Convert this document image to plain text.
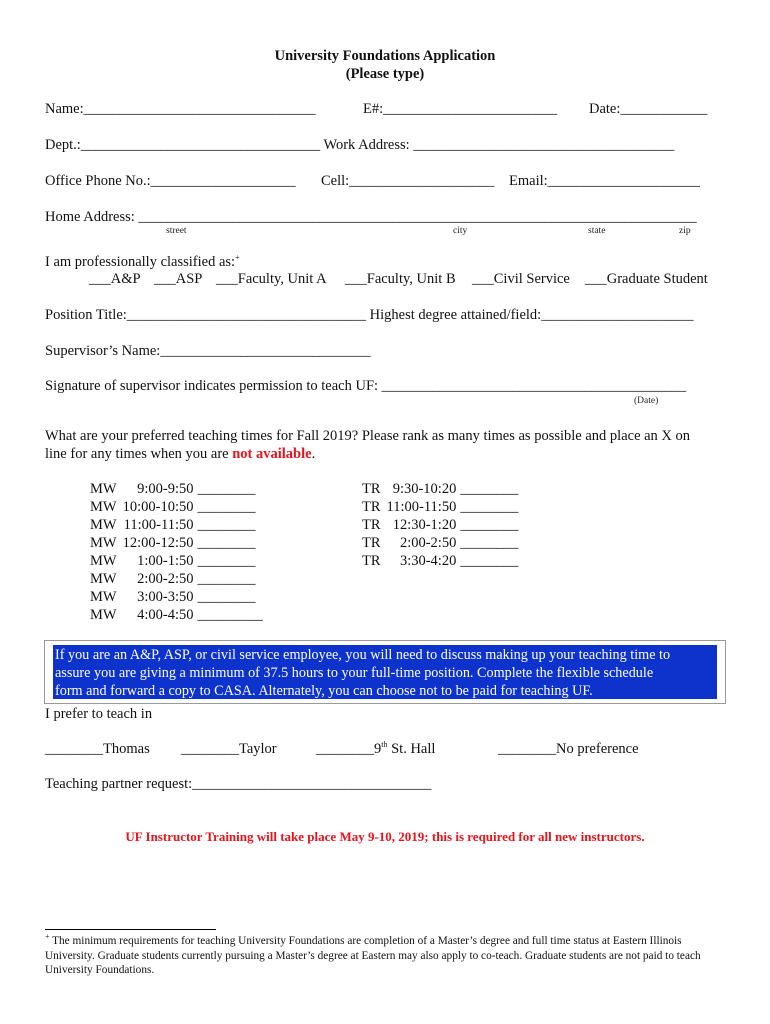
University Foundations Application
(Please type)
Name:________________________________	E#:________________________ Date:____________
Dept.:_________________________________ Work Address: ____________________________________
Office Phone No.:____________________ Cell:____________________ Email:_____________________
Home Address: _____________________________________________________________________________
street	city	state	zip
I am professionally classified as:+
___A&P ___ASP ___Faculty, Unit A ___Faculty, Unit B ___Civil Service ___Graduate Student
Position Title:_________________________________ Highest degree attained/field:_____________________
Supervisor’s Name:_____________________________
Signature of supervisor indicates permission to teach UF: __________________________________________
(Date)
What are your preferred teaching times for Fall 2019? Please rank as many times as possible and place an X on
line for any times when you are not available.
MW	9:00-9:50	________
MW	10:00-10:50	________
MW	11:00-11:50	________
MW	12:00-12:50	________
MW	1:00-1:50	________
MW	2:00-2:50	________
MW	3:00-3:50	________
MW	4:00-4:50	_________
TR	9:30-10:20	________
TR	11:00-11:50	________
TR	12:30-1:20	________
TR	2:00-2:50	________
TR	3:30-4:20	________
If you are an A&P, ASP, or civil service employee, you will need to discuss making up your teaching time to
assure you are giving a minimum of 37.5 hours to your full-time position. Complete the flexible schedule
form and forward a copy to CASA. Alternately, you can choose not to be paid for teaching UF.
I prefer to teach in
________Thomas ________Taylor	________9th St. Hall	________No preference
Teaching partner request:_________________________________
UF Instructor Training will take place May 9-10, 2019; this is required for all new instructors.
+ The minimum requirements for teaching University Foundations are completion of a Master’s degree and full time status at Eastern Illinois University. Graduate students currently pursuing a Master’s degree at Eastern may also apply to co-teach. Graduate students are not paid to teach University Foundations.
